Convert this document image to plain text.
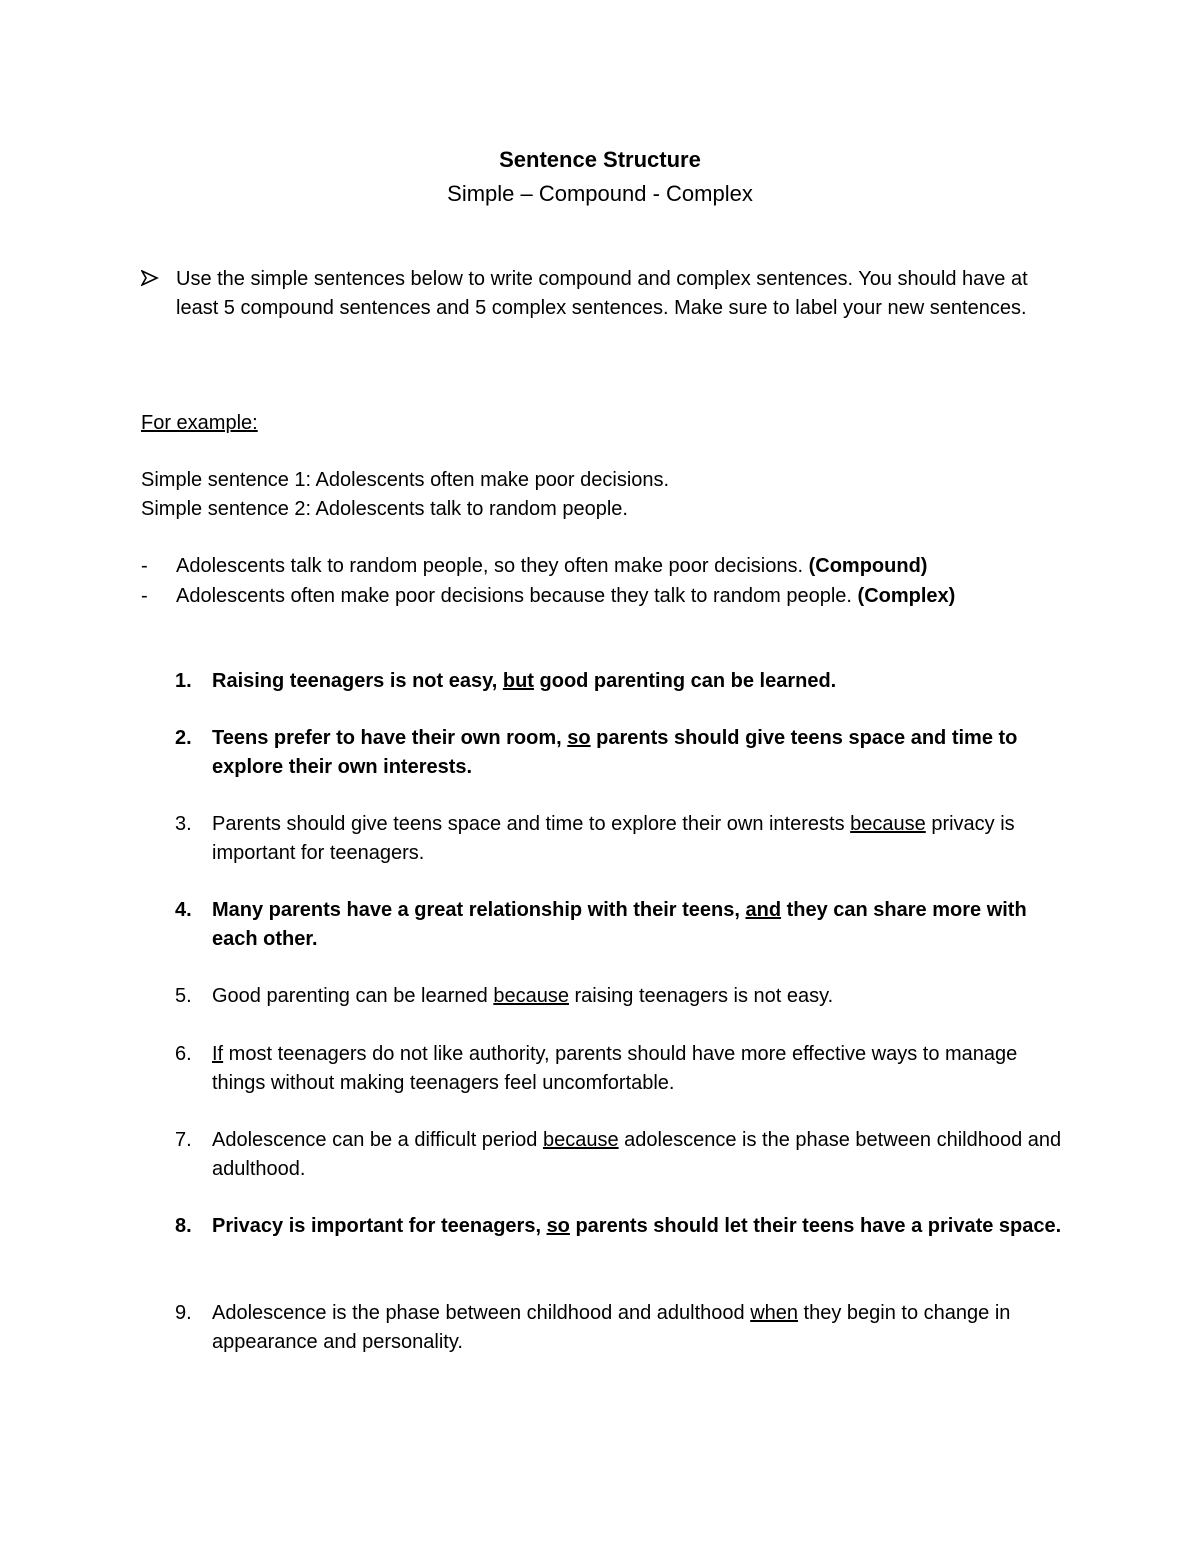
Sentence Structure
Simple – Compound - Complex
Use the simple sentences below to write compound and complex sentences. You should have at least 5 compound sentences and 5 complex sentences. Make sure to label your new sentences.
For example:
Simple sentence 1: Adolescents often make poor decisions.
Simple sentence 2: Adolescents talk to random people.
- Adolescents talk to random people, so they often make poor decisions. (Compound)
- Adolescents often make poor decisions because they talk to random people. (Complex)
1. Raising teenagers is not easy, but good parenting can be learned.
2. Teens prefer to have their own room, so parents should give teens space and time to explore their own interests.
3. Parents should give teens space and time to explore their own interests because privacy is important for teenagers.
4. Many parents have a great relationship with their teens, and they can share more with each other.
5. Good parenting can be learned because raising teenagers is not easy.
6. If most teenagers do not like authority, parents should have more effective ways to manage things without making teenagers feel uncomfortable.
7. Adolescence can be a difficult period because adolescence is the phase between childhood and adulthood.
8. Privacy is important for teenagers, so parents should let their teens have a private space.
9. Adolescence is the phase between childhood and adulthood when they begin to change in appearance and personality.
